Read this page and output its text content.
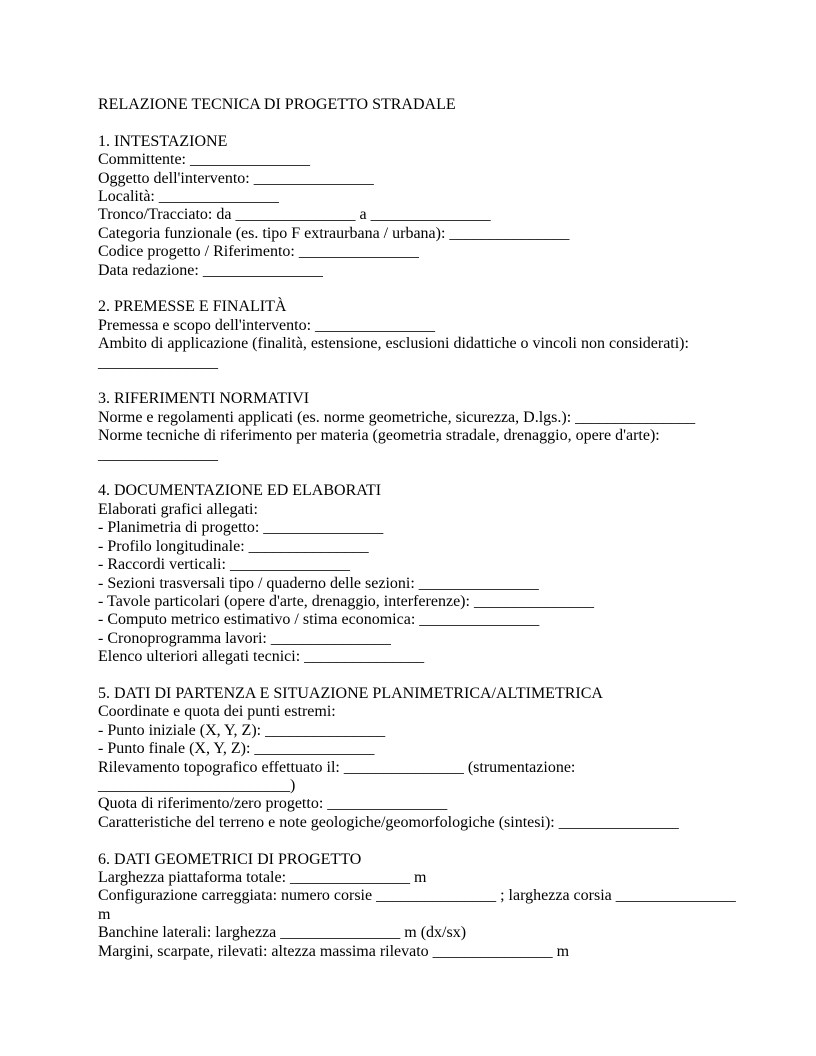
RELAZIONE TECNICA DI PROGETTO STRADALE

1. INTESTAZIONE

Committente: _______________

Oggetto dell'intervento: _______________

Località: _______________

Tronco/Tracciato: da _______________ a _______________

Categoria funzionale (es. tipo F extraurbana / urbana): _______________

Codice progetto / Riferimento: _______________

Data redazione: _______________

2. PREMESSE E FINALITÀ

Premessa e scopo dell'intervento: _______________

Ambito di applicazione (finalità, estensione, esclusioni didattiche o vincoli non considerati): _______________

3. RIFERIMENTI NORMATIVI

Norme e regolamenti applicati (es. norme geometriche, sicurezza, D.lgs.): _______________

Norme tecniche di riferimento per materia (geometria stradale, drenaggio, opere d'arte): _______________

4. DOCUMENTAZIONE ED ELABORATI

Elaborati grafici allegati:

- Planimetria di progetto: _______________

- Profilo longitudinale: _______________

- Raccordi verticali: _______________

- Sezioni trasversali tipo / quaderno delle sezioni: _______________

- Tavole particolari (opere d'arte, drenaggio, interferenze): _______________

- Computo metrico estimativo / stima economica: _______________

- Cronoprogramma lavori: _______________

Elenco ulteriori allegati tecnici: _______________

5. DATI DI PARTENZA E SITUAZIONE PLANIMETRICA/ALTIMETRICA

Coordinate e quota dei punti estremi:

- Punto iniziale (X, Y, Z): _______________

- Punto finale (X, Y, Z): _______________

Rilevamento topografico effettuato il: _______________ (strumentazione: ________________________)

Quota di riferimento/zero progetto: _______________

Caratteristiche del terreno e note geologiche/geomorfologiche (sintesi): _______________

6. DATI GEOMETRICI DI PROGETTO

Larghezza piattaforma totale: _______________ m

Configurazione carreggiata: numero corsie _______________ ; larghezza corsia _______________ m

Banchine laterali: larghezza _______________ m (dx/sx)

Margini, scarpate, rilevati: altezza massima rilevato _______________ m
